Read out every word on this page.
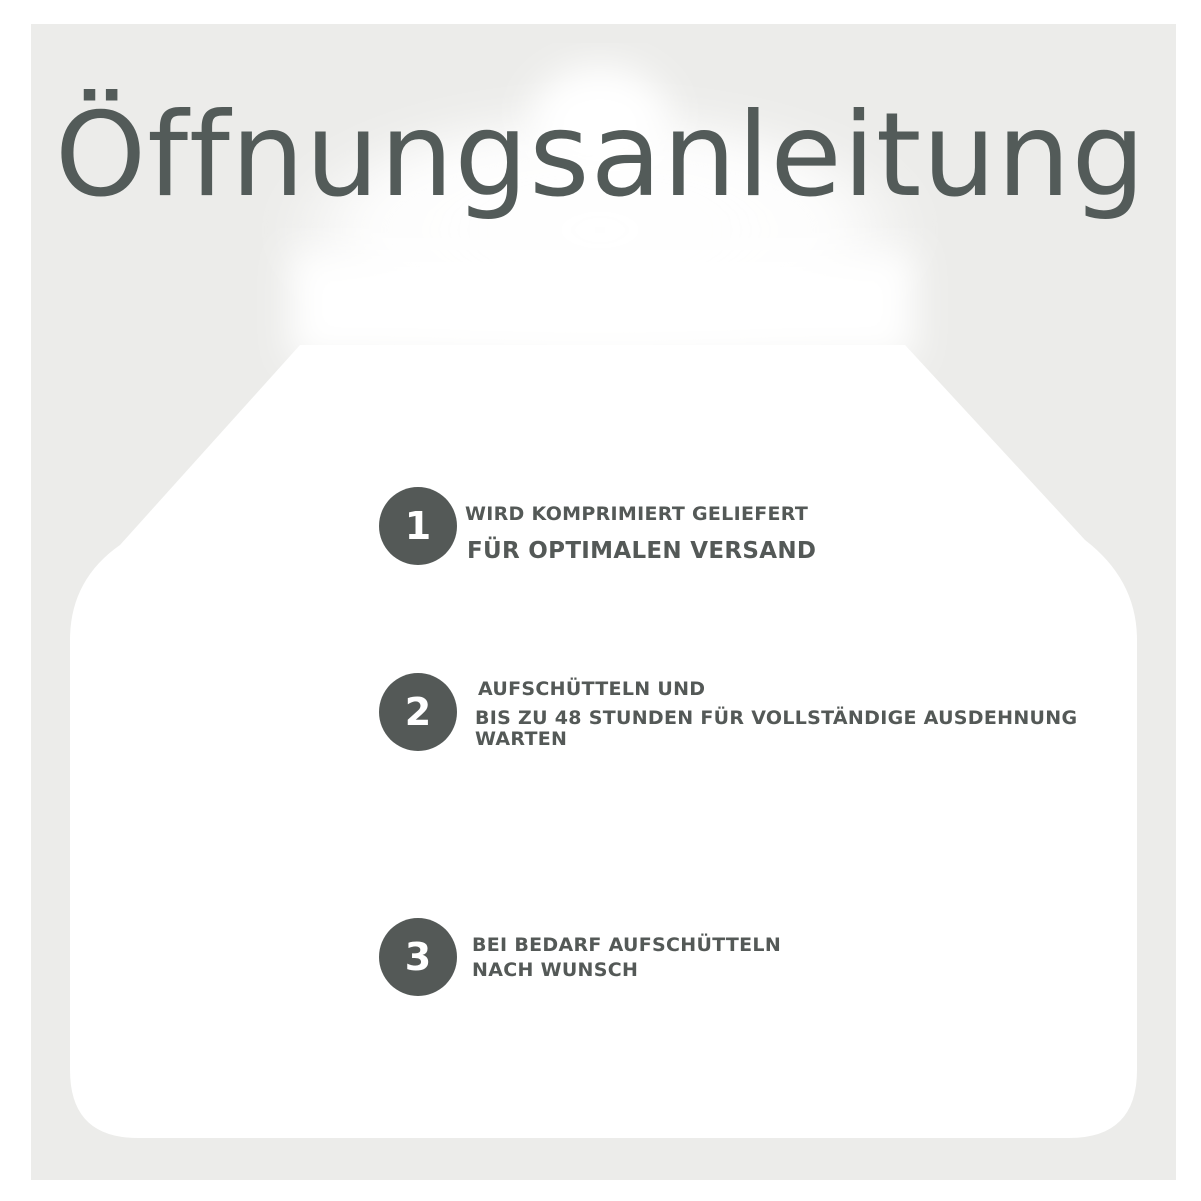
Öffnungsanleitung
1	WIRD KOMPRIMIERT GELIEFERT
FÜR OPTIMALEN VERSAND
2
AUFSCHÜTTELN UND
BIS ZU 48 STUNDEN FÜR VOLLSTÄNDIGE AUSDEHNUNG
WARTEN
3	BEI BEDARF AUFSCHÜTTELN
NACH WUNSCH
